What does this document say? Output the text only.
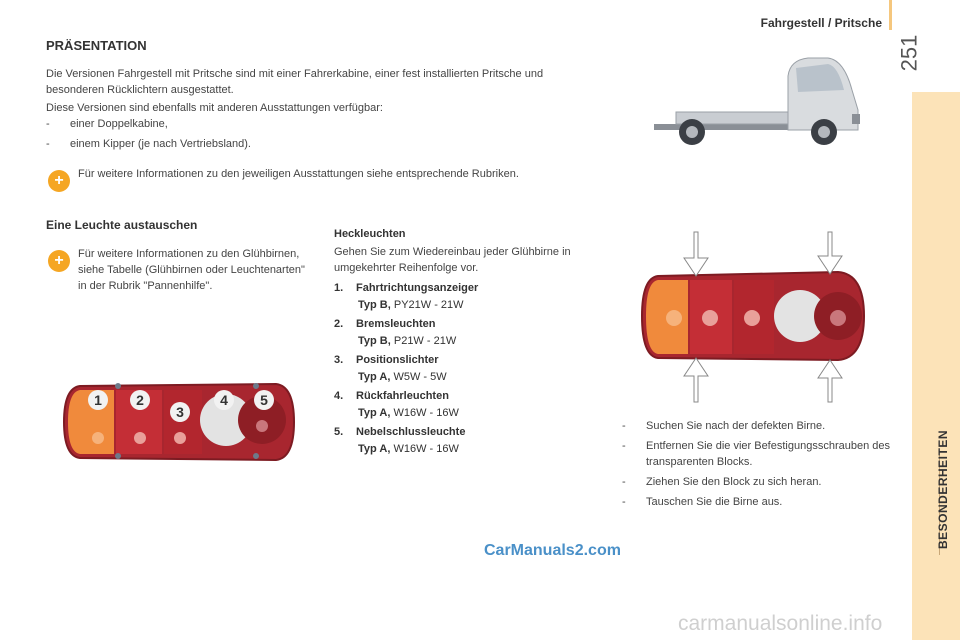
Fahrgestell / Pritsche
251
BESONDERHEITEN
PRÄSENTATION

Die Versionen Fahrgestell mit Pritsche sind mit einer Fahrerkabine, einer fest installierten Pritsche und besonderen Rücklichtern ausgestattet.

Diese Versionen sind ebenfalls mit anderen Ausstattungen verfügbar:

-	einer Doppelkabine,
-	einem Kipper (je nach Vertriebsland).
+	Für weitere Informationen zu den jeweiligen Ausstattungen siehe entsprechende Rubriken.

Eine Leuchte austauschen
+	Für weitere Informationen zu den Glühbirnen, siehe Tabelle (Glühbirnen oder Leuchtenarten" in der Rubrik "Pannenhilfe".

1 2
3
4 5
Heckleuchten

Gehen Sie zum Wiedereinbau jeder Glühbirne in umgekehrter Reihenfolge vor.

1. Fahrtrichtungsanzeiger
Typ B, PY21W - 21W
2. Bremsleuchten
Typ B, P21W - 21W
3. Positionslichter
Typ A, W5W - 5W
4. Rückfahrleuchten
Typ A, W16W - 16W
5. Nebelschlussleuchte
Typ A, W16W - 16W
-	Suchen Sie nach der defekten Birne.
-	Entfernen Sie die vier Befestigungsschrauben des transparenten Blocks.
-	Ziehen Sie den Block zu sich heran.
-	Tauschen Sie die Birne aus.
CarManuals2.com
carmanualsonline.info
